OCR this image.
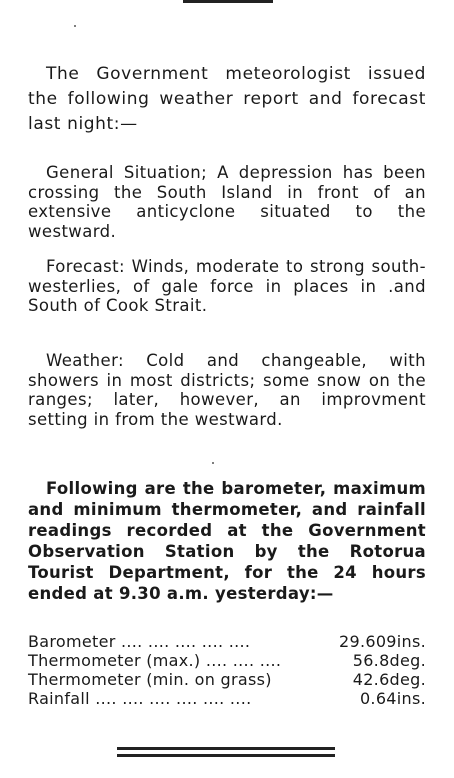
The Government meteorologist issued the following weather report and forecast last night:—
General Situation; A depression has been crossing the South Island in front of an extensive anticyclone situated to the westward.
Forecast: Winds, moderate to strong south-westerlies, of gale force in places in .and South of Cook Strait.
Weather: Cold and changeable, with showers in most districts; some snow on the ranges; later, however, an improvment setting in from the westward.
Following are the barometer, maximum and minimum thermometer, and rainfall readings recorded at the Government Observation Station by the Rotorua Tourist Department, for the 24 hours ended at 9.30 a.m. yesterday:—
Barometer .... .... .... .... ....	29.609ins.
Thermometer (max.) .... .... ....	56.8deg.
Thermometer (min. on grass)	42.6deg.
Rainfall .... .... .... .... .... ....	0.64ins.
